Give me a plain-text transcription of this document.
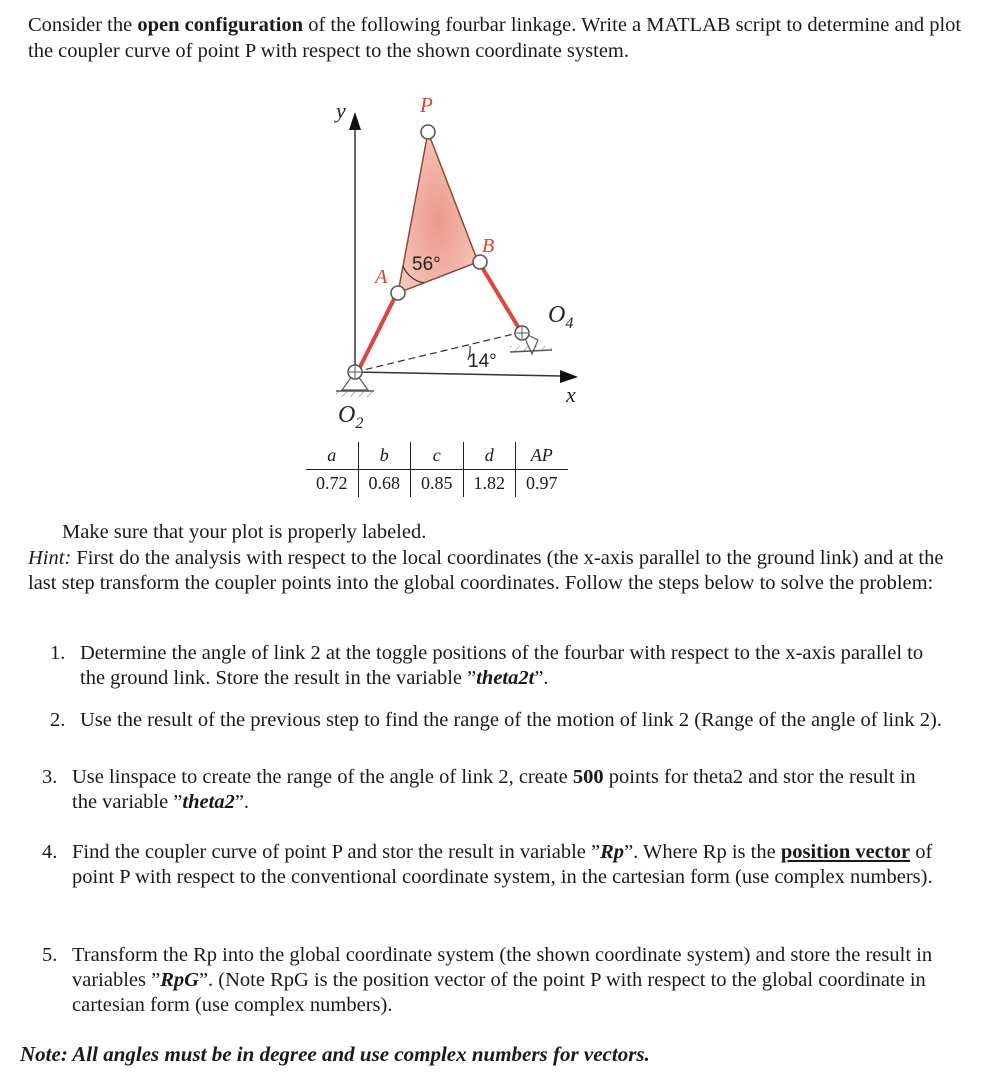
Consider the open configuration of the following fourbar linkage. Write a MATLAB script to determine and plot the coupler curve of point P with respect to the shown coordinate system.
y
x
P
A
B
56°
14°
$O_2$
$O_4$
a	b	c	d	AP
0.72	0.68	0.85	1.82	0.97
Make sure that your plot is properly labeled.
Hint: First do the analysis with respect to the local coordinates (the x-axis parallel to the ground link) and at the last step transform the coupler points into the global coordinates. Follow the steps below to solve the problem:
1. Determine the angle of link 2 at the toggle positions of the fourbar with respect to the x-axis parallel to the ground link. Store the result in the variable ”theta2t”.
2. Use the result of the previous step to find the range of the motion of link 2 (Range of the angle of link 2).
3. Use linspace to create the range of the angle of link 2, create 500 points for theta2 and stor the result in the variable ”theta2”.
4. Find the coupler curve of point P and stor the result in variable ”Rp”. Where Rp is the position vector of point P with respect to the conventional coordinate system, in the cartesian form (use complex numbers).
5. Transform the Rp into the global coordinate system (the shown coordinate system) and store the result in variables ”RpG”. (Note RpG is the position vector of the point P with respect to the global coordinate in cartesian form (use complex numbers).
Note: All angles must be in degree and use complex numbers for vectors.
